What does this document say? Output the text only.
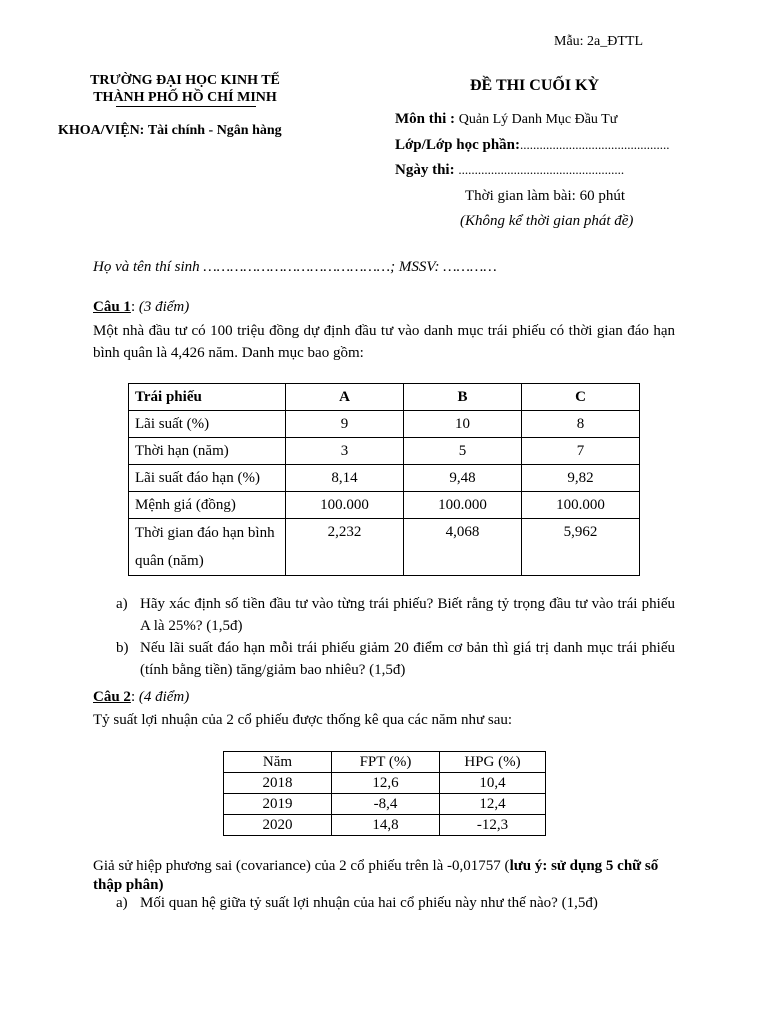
Mẫu: 2a_ĐTTL
TRƯỜNG ĐẠI HỌC KINH TẾ
THÀNH PHỐ HỒ CHÍ MINH
KHOA/VIỆN: Tài chính - Ngân hàng
ĐỀ THI CUỐI KỲ
Môn thi : Quản Lý Danh Mục Đầu Tư
Lớp/Lớp học phần:..............................................
Ngày thi: ...................................................
Thời gian làm bài: 60 phút
(Không kể thời gian phát đề)
Họ và tên thí sinh ……………………………………; MSSV: …………
Câu 1: (3 điểm)
Một nhà đầu tư có 100 triệu đồng dự định đầu tư vào danh mục trái phiếu có thời gian đáo hạn bình quân là 4,426 năm. Danh mục bao gồm:
Trái phiếu	A	B	C
Lãi suất (%)	9	10	8
Thời hạn (năm)	3	5	7
Lãi suất đáo hạn (%)	8,14	9,48	9,82
Mệnh giá (đồng)	100.000	100.000	100.000
Thời gian đáo hạn bình quân (năm)	2,232	4,068	5,962
a) Hãy xác định số tiền đầu tư vào từng trái phiếu? Biết rằng tỷ trọng đầu tư vào trái phiếu A là 25%? (1,5đ)
b) Nếu lãi suất đáo hạn mỗi trái phiếu giảm 20 điểm cơ bản thì giá trị danh mục trái phiếu (tính bằng tiền) tăng/giảm bao nhiêu? (1,5đ)
Câu 2: (4 điểm)
Tỷ suất lợi nhuận của 2 cổ phiếu được thống kê qua các năm như sau:
Năm	FPT (%)	HPG (%)
2018	12,6	10,4
2019	-8,4	12,4
2020	14,8	-12,3
Giả sử hiệp phương sai (covariance) của 2 cổ phiếu trên là -0,01757 (lưu ý: sử dụng 5 chữ số thập phân)
a) Mối quan hệ giữa tỷ suất lợi nhuận của hai cổ phiếu này như thế nào? (1,5đ)
